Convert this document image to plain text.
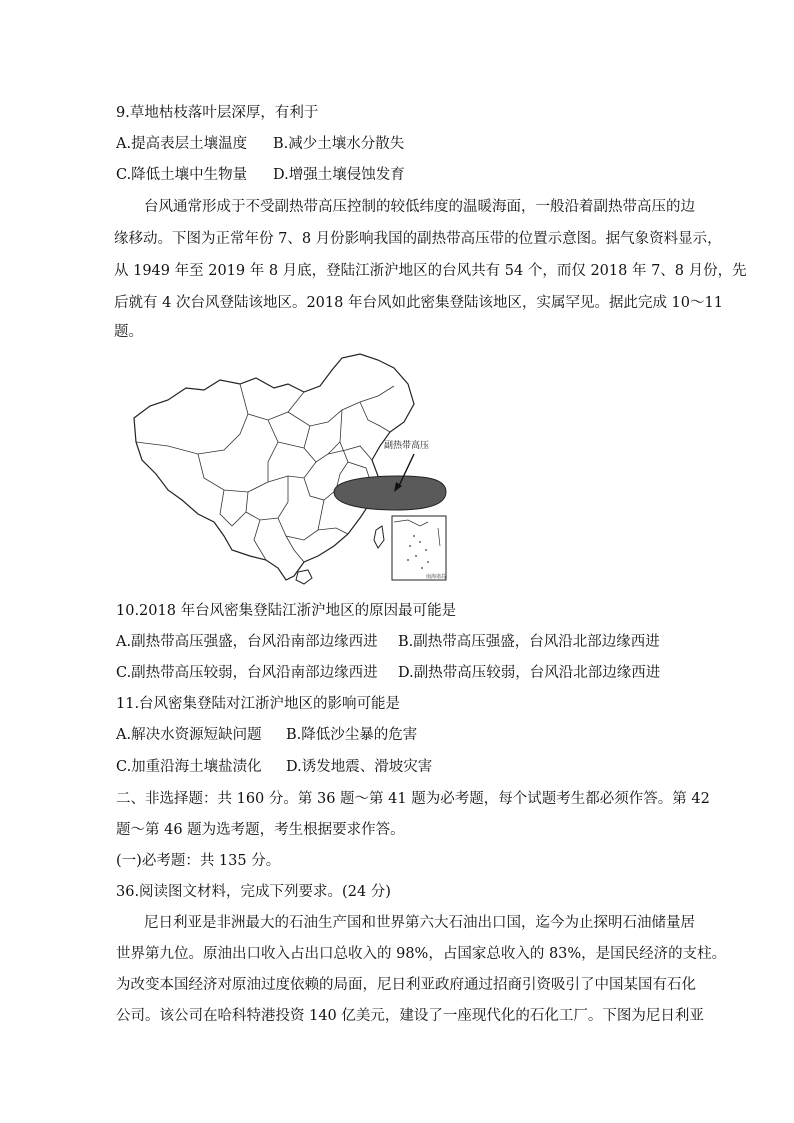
9.草地枯枝落叶层深厚，有利于
A.提高表层土壤温度 B.减少土壤水分散失
C.降低土壤中生物量 D.增强土壤侵蚀发育
台风通常形成于不受副热带高压控制的较低纬度的温暖海面，一般沿着副热带高压的边
缘移动。下图为正常年份 7、8 月份影响我国的副热带高压带的位置示意图。据气象资料显示，
从 1949 年至 2019 年 8 月底，登陆江浙沪地区的台风共有 54 个，而仅 2018 年 7、8 月份，先
后就有 4 次台风登陆该地区。2018 年台风如此密集登陆该地区，实属罕见。据此完成 10～11
题。
副热带高压
南海诸岛
10.2018 年台风密集登陆江浙沪地区的原因最可能是
A.副热带高压强盛，台风沿南部边缘西进 B.副热带高压强盛，台风沿北部边缘西进
C.副热带高压较弱，台风沿南部边缘西进 D.副热带高压较弱，台风沿北部边缘西进
11.台风密集登陆对江浙沪地区的影响可能是
A.解决水资源短缺问题 B.降低沙尘暴的危害
C.加重沿海土壤盐渍化 D.诱发地震、滑坡灾害
二、非选择题：共 160 分。第 36 题～第 41 题为必考题，每个试题考生都必须作答。第 42
题～第 46 题为选考题，考生根据要求作答。
(一)必考题：共 135 分。
36.阅读图文材料，完成下列要求。(24 分)
尼日利亚是非洲最大的石油生产国和世界第六大石油出口国，迄今为止探明石油储量居
世界第九位。原油出口收入占出口总收入的 98%，占国家总收入的 83%，是国民经济的支柱。
为改变本国经济对原油过度依赖的局面，尼日利亚政府通过招商引资吸引了中国某国有石化
公司。该公司在哈科特港投资 140 亿美元，建设了一座现代化的石化工厂。下图为尼日利亚
